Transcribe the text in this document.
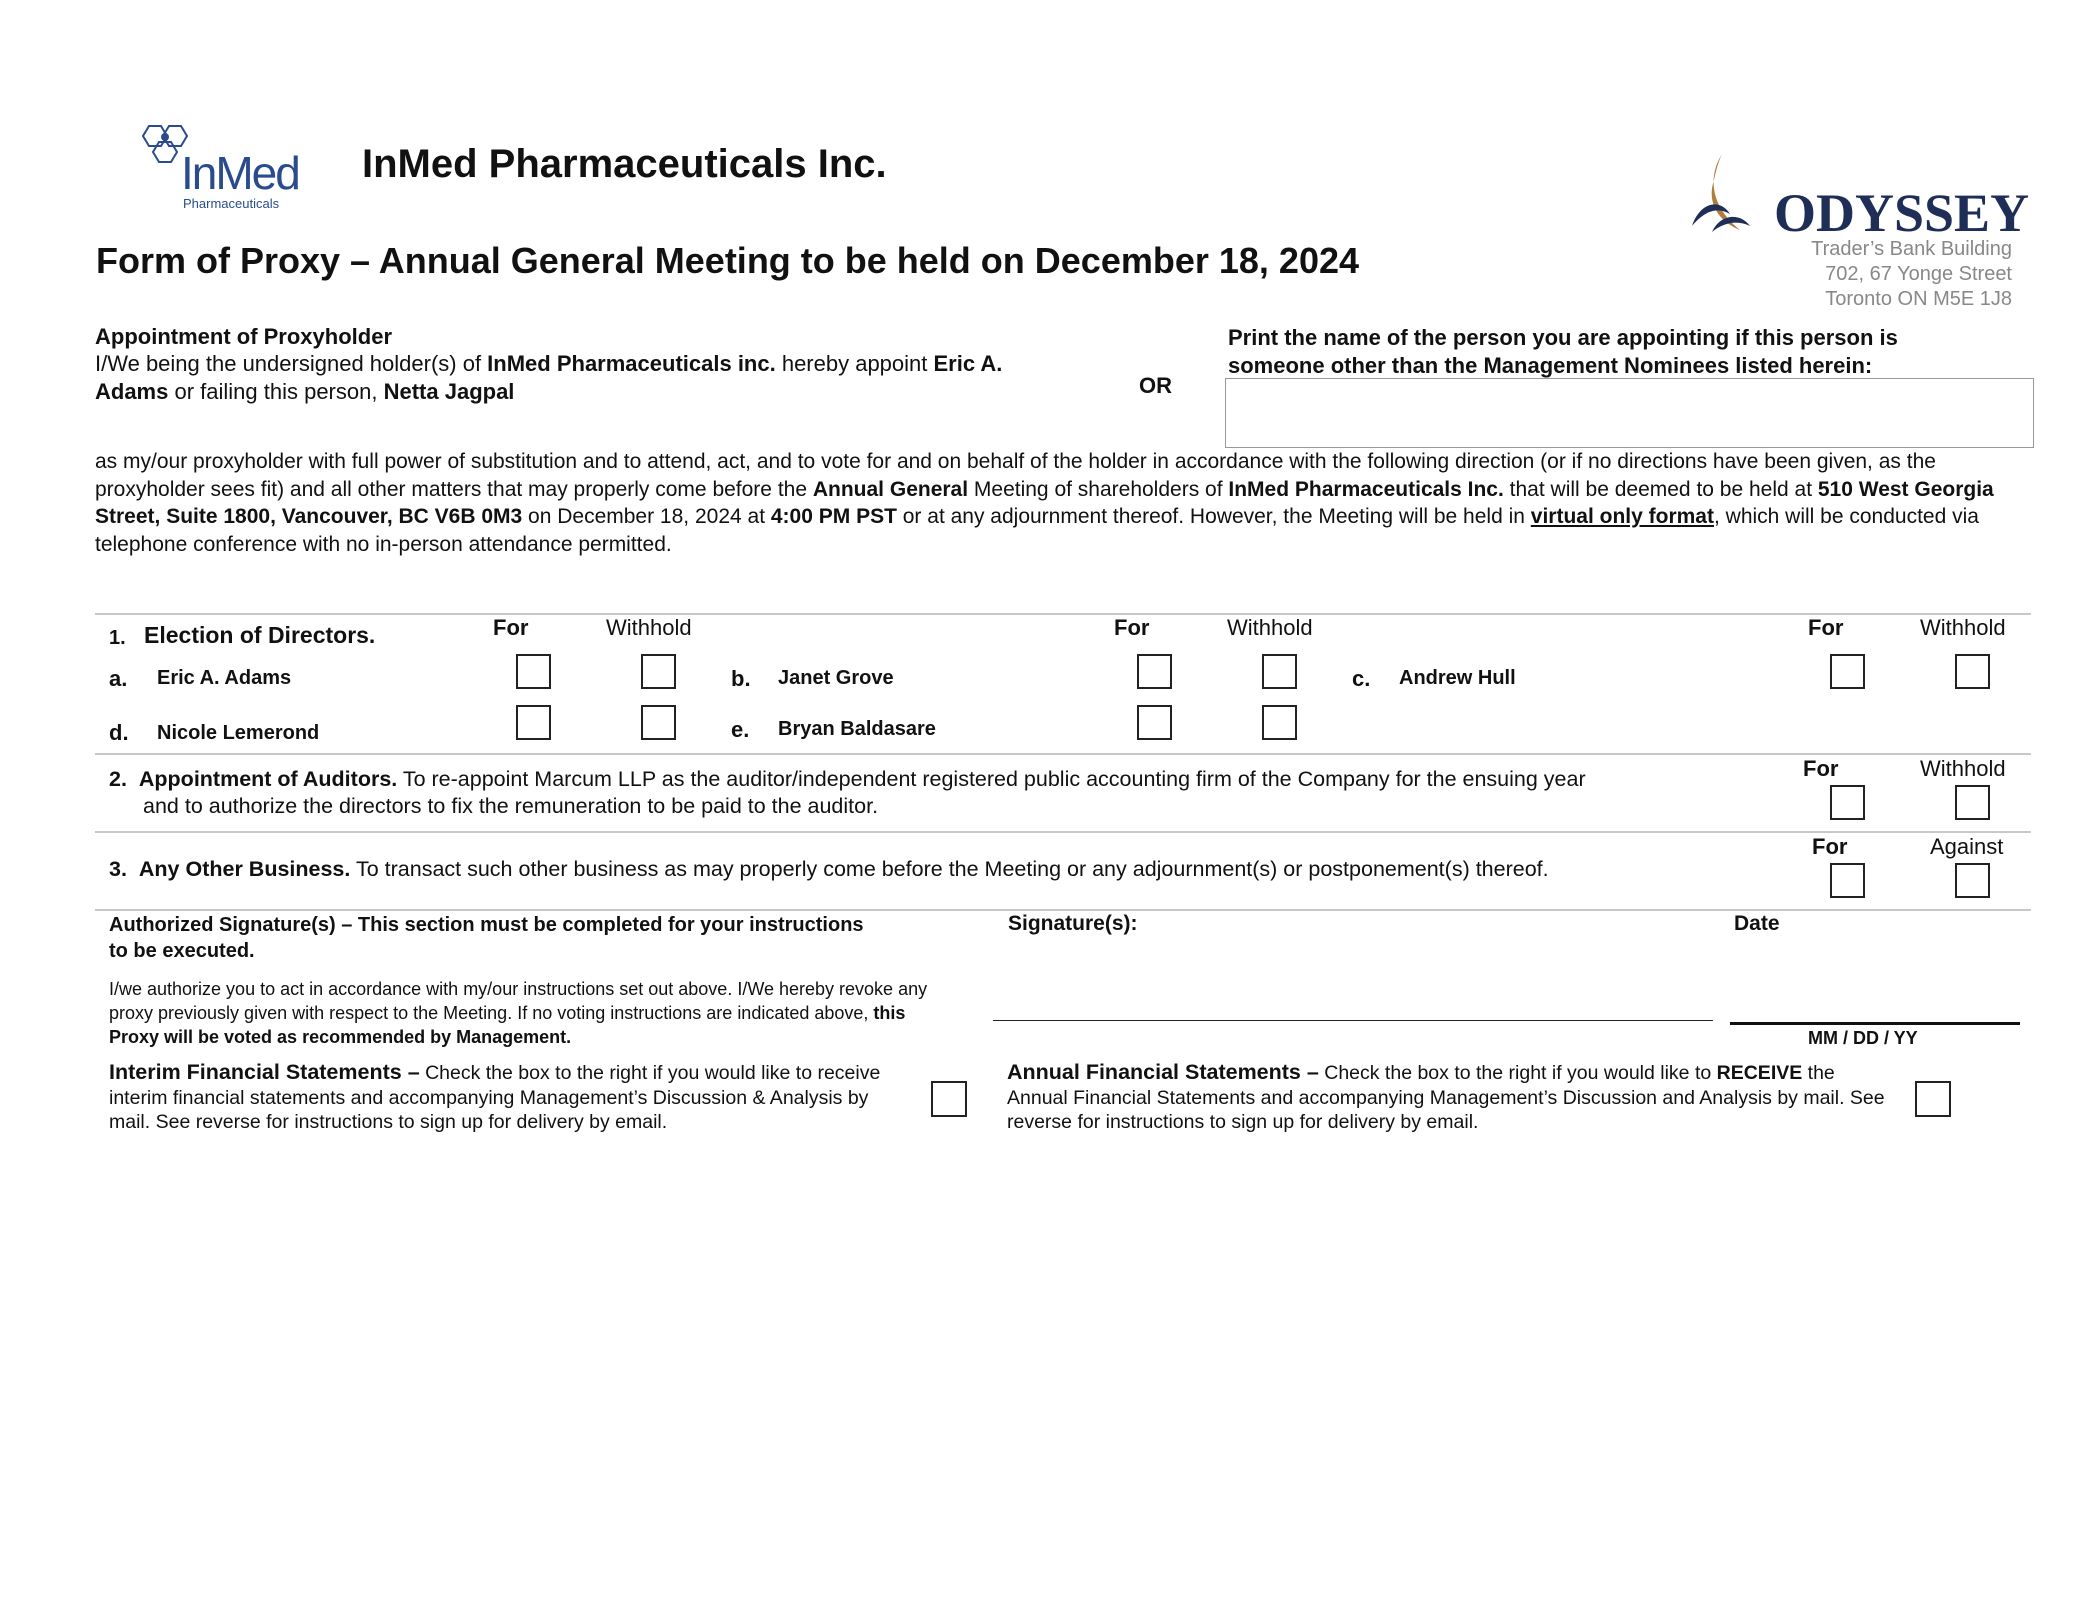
InMed
Pharmaceuticals
InMed Pharmaceuticals Inc.
Form of Proxy – Annual General Meeting to be held on December 18, 2024
ODYSSEY
Trader’s Bank Building
702, 67 Yonge Street
Toronto ON M5E 1J8
Appointment of Proxyholder
I/We being the undersigned holder(s) of InMed Pharmaceuticals inc. hereby appoint Eric A.
Adams or failing this person, Netta Jagpal	OR
Print the name of the person you are appointing if this person is
someone other than the Management Nominees listed herein:
as my/our proxyholder with full power of substitution and to attend, act, and to vote for and on behalf of the holder in accordance with the following direction (or if no directions have been given, as the proxyholder sees fit) and all other matters that may properly come before the Annual General Meeting of shareholders of InMed Pharmaceuticals Inc. that will be deemed to be held at 510 West Georgia Street, Suite 1800, Vancouver, BC V6B 0M3 on December 18, 2024 at 4:00 PM PST or at any adjournment thereof. However, the Meeting will be held in virtual only format, which will be conducted via telephone conference with no in-person attendance permitted.
1. Election of Directors.	For	Withhold	For	Withhold	For	Withhold
a. Eric A. Adams	b. Janet Grove	c. Andrew Hull
d. Nicole Lemerond	e. Bryan Baldasare
2. Appointment of Auditors. To re-appoint Marcum LLP as the auditor/independent registered public accounting firm of the Company for the ensuing year
and to authorize the directors to fix the remuneration to be paid to the auditor.
For	Withhold
3. Any Other Business. To transact such other business as may properly come before the Meeting or any adjournment(s) or postponement(s) thereof.
For	Against
Authorized Signature(s) – This section must be completed for your instructions
to be executed.
I/we authorize you to act in accordance with my/our instructions set out above. I/We hereby revoke any proxy previously given with respect to the Meeting. If no voting instructions are indicated above, this Proxy will be voted as recommended by Management.
Signature(s):	Date
MM / DD / YY
Interim Financial Statements – Check the box to the right if you would like to receive interim financial statements and accompanying Management’s Discussion & Analysis by mail. See reverse for instructions to sign up for delivery by email.
Annual Financial Statements – Check the box to the right if you would like to RECEIVE the Annual Financial Statements and accompanying Management’s Discussion and Analysis by mail. See reverse for instructions to sign up for delivery by email.
